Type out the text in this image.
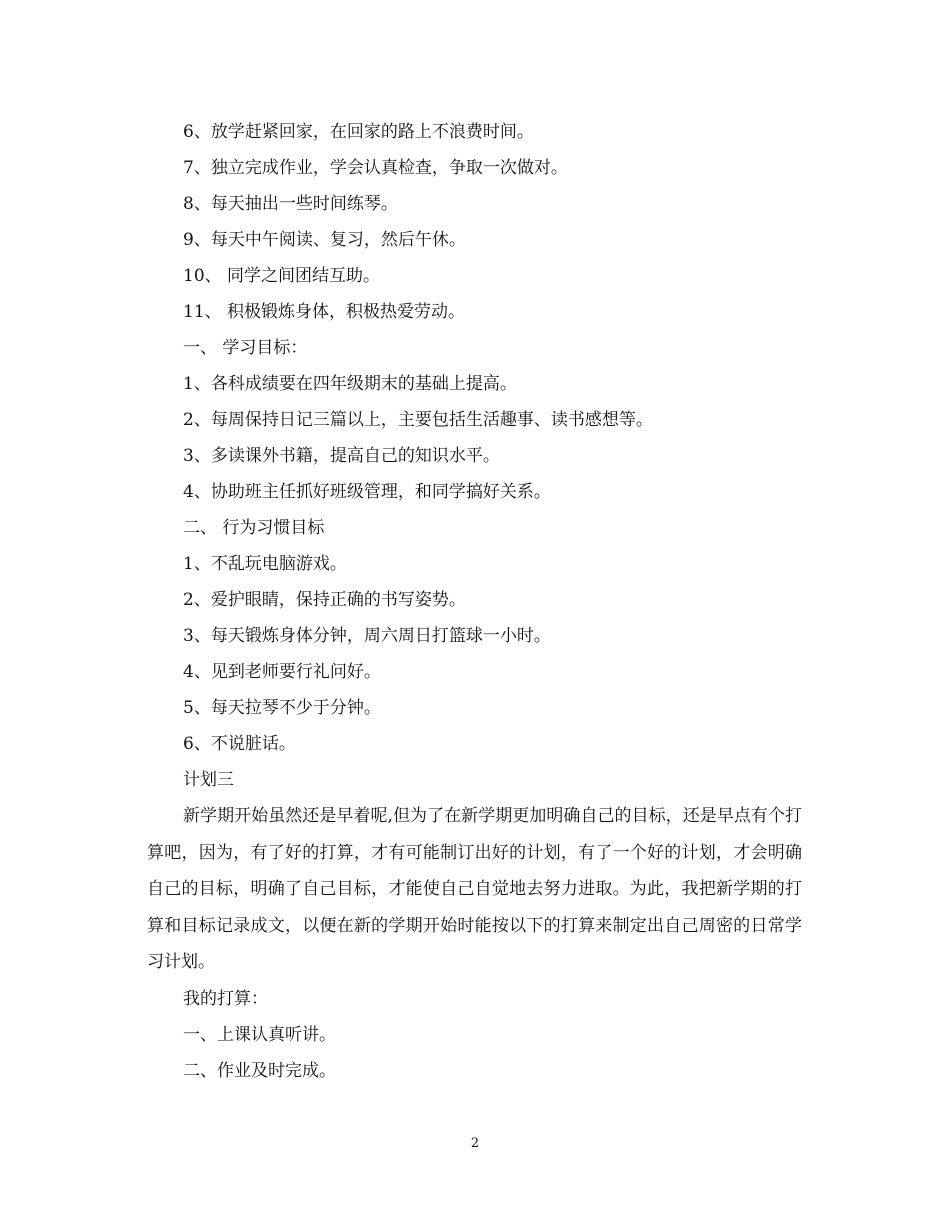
6、放学赶紧回家，在回家的路上不浪费时间。
7、独立完成作业，学会认真检查，争取一次做对。
8、每天抽出一些时间练琴。
9、每天中午阅读、复习，然后午休。
10、 同学之间团结互助。
11、 积极锻炼身体，积极热爱劳动。
一、 学习目标：
1、各科成绩要在四年级期末的基础上提高。
2、每周保持日记三篇以上，主要包括生活趣事、读书感想等。
3、多读课外书籍，提高自己的知识水平。
4、协助班主任抓好班级管理，和同学搞好关系。
二、 行为习惯目标
1、不乱玩电脑游戏。
2、爱护眼睛，保持正确的书写姿势。
3、每天锻炼身体分钟，周六周日打篮球一小时。
4、见到老师要行礼问好。
5、每天拉琴不少于分钟。
6、不说脏话。
计划三

新学期开始虽然还是早着呢,但为了在新学期更加明确自己的目标，还是早点有个打算吧，因为，有了好的打算，才有可能制订出好的计划，有了一个好的计划，才会明确自己的目标，明确了自己目标，才能使自己自觉地去努力进取。为此，我把新学期的打算和目标记录成文，以便在新的学期开始时能按以下的打算来制定出自己周密的日常学习计划。

我的打算：
一、上课认真听讲。
二、作业及时完成。
2
